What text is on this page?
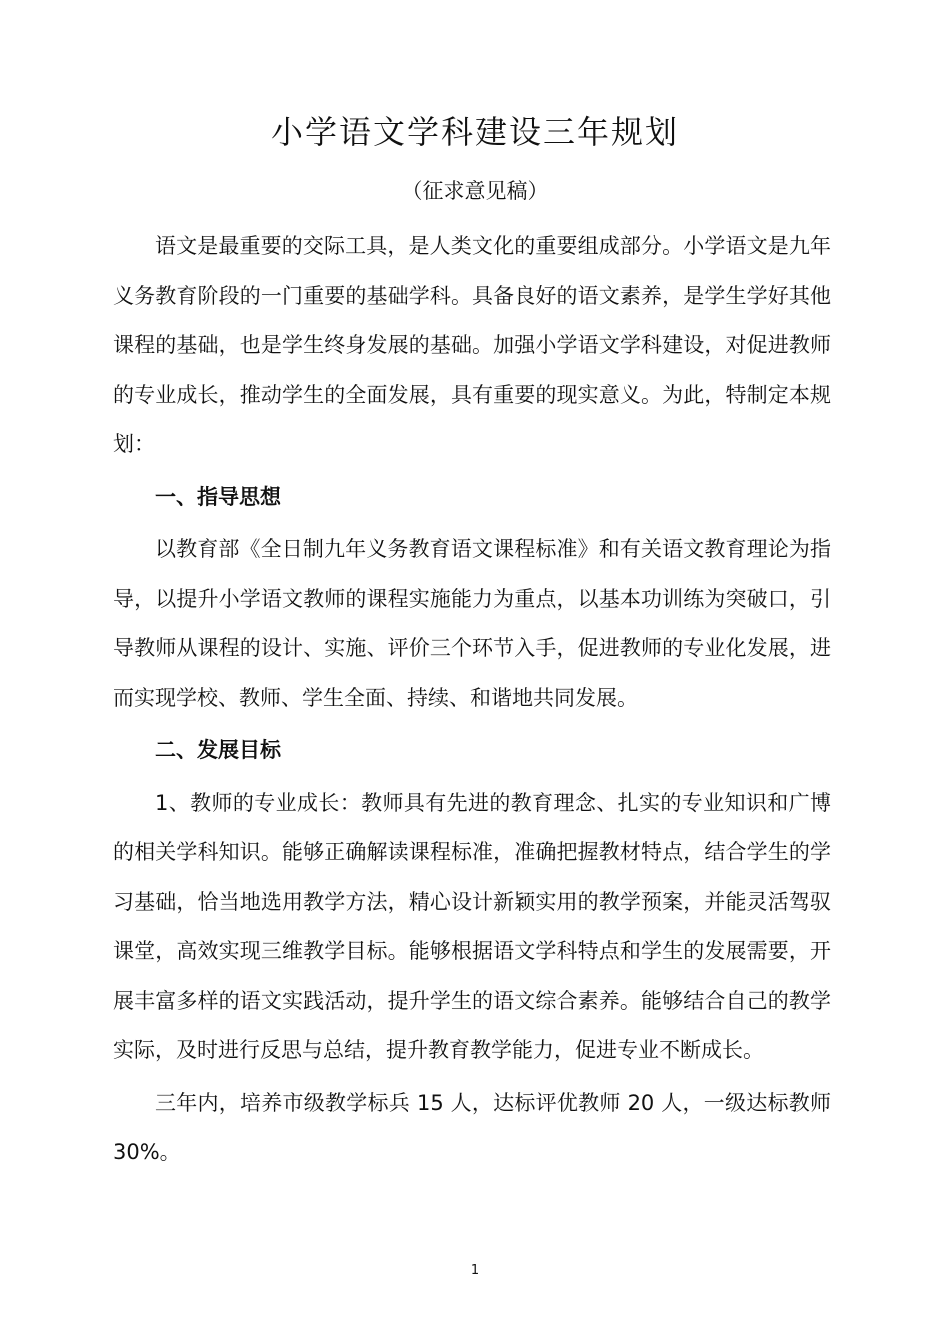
小学语文学科建设三年规划
（征求意见稿）

语文是最重要的交际工具，是人类文化的重要组成部分。小学语文是九年义务教育阶段的一门重要的基础学科。具备良好的语文素养，是学生学好其他课程的基础，也是学生终身发展的基础。加强小学语文学科建设，对促进教师的专业成长，推动学生的全面发展，具有重要的现实意义。为此，特制定本规划：

一、指导思想

以教育部《全日制九年义务教育语文课程标准》和有关语文教育理论为指导，以提升小学语文教师的课程实施能力为重点，以基本功训练为突破口，引导教师从课程的设计、实施、评价三个环节入手，促进教师的专业化发展，进而实现学校、教师、学生全面、持续、和谐地共同发展。

二、发展目标

1、教师的专业成长：教师具有先进的教育理念、扎实的专业知识和广博的相关学科知识。能够正确解读课程标准，准确把握教材特点，结合学生的学习基础，恰当地选用教学方法，精心设计新颖实用的教学预案，并能灵活驾驭课堂，高效实现三维教学目标。能够根据语文学科特点和学生的发展需要，开展丰富多样的语文实践活动，提升学生的语文综合素养。能够结合自己的教学实际，及时进行反思与总结，提升教育教学能力，促进专业不断成长。

三年内，培养市级教学标兵 15 人，达标评优教师 20 人，一级达标教师 30%。

1
